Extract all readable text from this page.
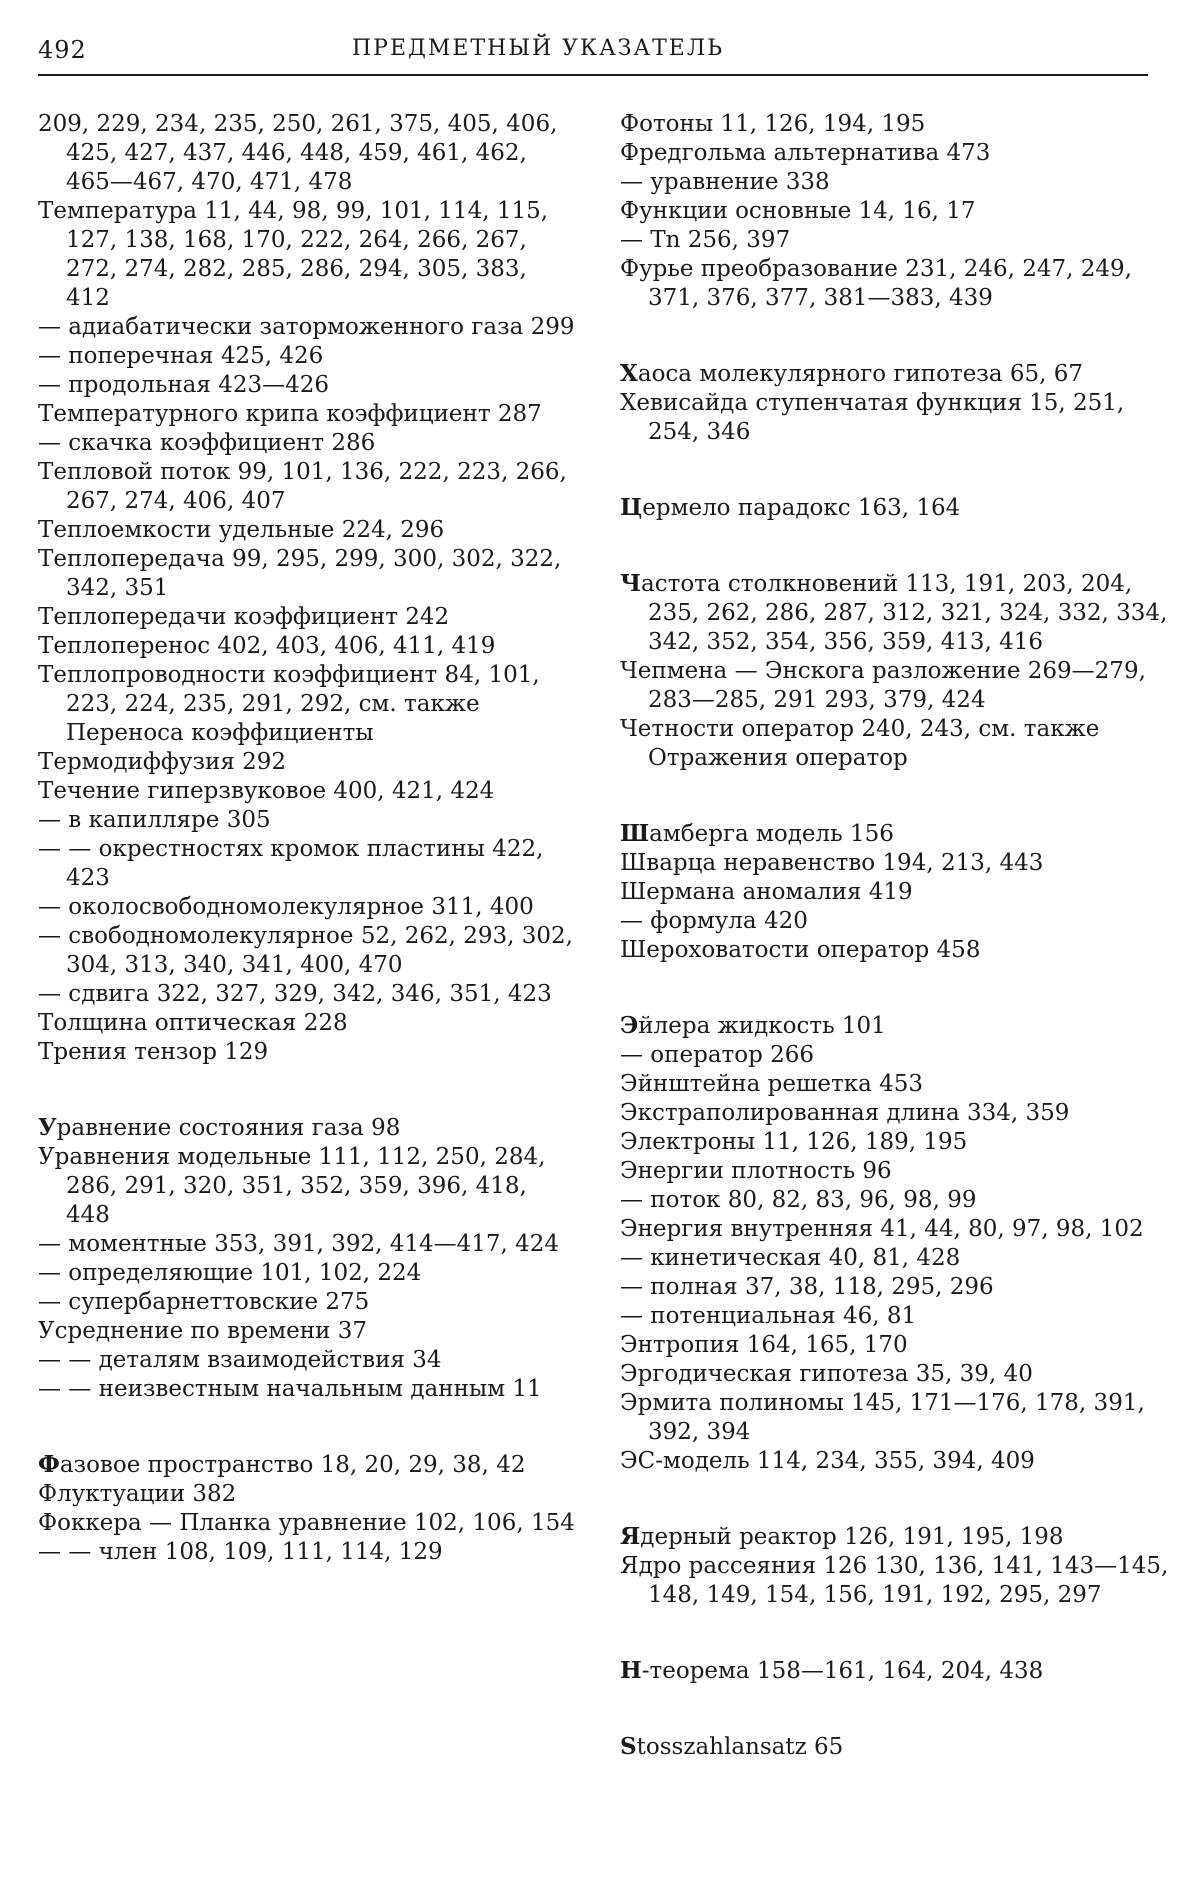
492	ПРЕДМЕТНЫЙ УКАЗАТЕЛЬ
209, 229, 234, 235, 250, 261, 375, 405, 406, 425, 427, 437, 446, 448, 459, 461, 462, 465—467, 470, 471, 478
Температура 11, 44, 98, 99, 101, 114, 115, 127, 138, 168, 170, 222, 264, 266, 267, 272, 274, 282, 285, 286, 294, 305, 383, 412
— адиабатически заторможенного газа 299
— поперечная 425, 426
— продольная 423—426
Температурного крипа коэффициент 287
— скачка коэффициент 286
Тепловой поток 99, 101, 136, 222, 223, 266, 267, 274, 406, 407
Теплоемкости удельные 224, 296
Теплопередача 99, 295, 299, 300, 302, 322, 342, 351
Теплопередачи коэффициент 242
Теплоперенос 402, 403, 406, 411, 419
Теплопроводности коэффициент 84, 101, 223, 224, 235, 291, 292, см. также Переноса коэффициенты
Термодиффузия 292
Течение гиперзвуковое 400, 421, 424
— в капилляре 305
— — окрестностях кромок пластины 422, 423
— околосвободномолекулярное 311, 400
— свободномолекулярное 52, 262, 293, 302, 304, 313, 340, 341, 400, 470
— сдвига 322, 327, 329, 342, 346, 351, 423
Толщина оптическая 228
Трения тензор 129
Уравнение состояния газа 98
Уравнения модельные 111, 112, 250, 284, 286, 291, 320, 351, 352, 359, 396, 418, 448
— моментные 353, 391, 392, 414—417, 424
— определяющие 101, 102, 224
— супербарнеттовские 275
Усреднение по времени 37
— — деталям взаимодействия 34
— — неизвестным начальным данным 11
Фазовое пространство 18, 20, 29, 38, 42
Флуктуации 382
Фоккера — Планка уравнение 102, 106, 154
— — член 108, 109, 111, 114, 129
Фотоны 11, 126, 194, 195
Фредгольма альтернатива 473
— уравнение 338
Функции основные 14, 16, 17
— Tn 256, 397
Фурье преобразование 231, 246, 247, 249, 371, 376, 377, 381—383, 439
Хаоса молекулярного гипотеза 65, 67
Хевисайда ступенчатая функция 15, 251, 254, 346
Цермело парадокс 163, 164
Частота столкновений 113, 191, 203, 204, 235, 262, 286, 287, 312, 321, 324, 332, 334, 342, 352, 354, 356, 359, 413, 416
Чепмена — Энскога разложение 269—279, 283—285, 291 293, 379, 424
Четности оператор 240, 243, см. также Отражения оператор
Шамберга модель 156
Шварца неравенство 194, 213, 443
Шермана аномалия 419
— формула 420
Шероховатости оператор 458
Эйлера жидкость 101
— оператор 266
Эйнштейна решетка 453
Экстраполированная длина 334, 359
Электроны 11, 126, 189, 195
Энергии плотность 96
— поток 80, 82, 83, 96, 98, 99
Энергия внутренняя 41, 44, 80, 97, 98, 102
— кинетическая 40, 81, 428
— полная 37, 38, 118, 295, 296
— потенциальная 46, 81
Энтропия 164, 165, 170
Эргодическая гипотеза 35, 39, 40
Эрмита полиномы 145, 171—176, 178, 391, 392, 394
ЭС-модель 114, 234, 355, 394, 409
Ядерный реактор 126, 191, 195, 198
Ядро рассеяния 126 130, 136, 141, 143—145, 148, 149, 154, 156, 191, 192, 295, 297
H-теорема 158—161, 164, 204, 438
Stosszahlansatz 65
